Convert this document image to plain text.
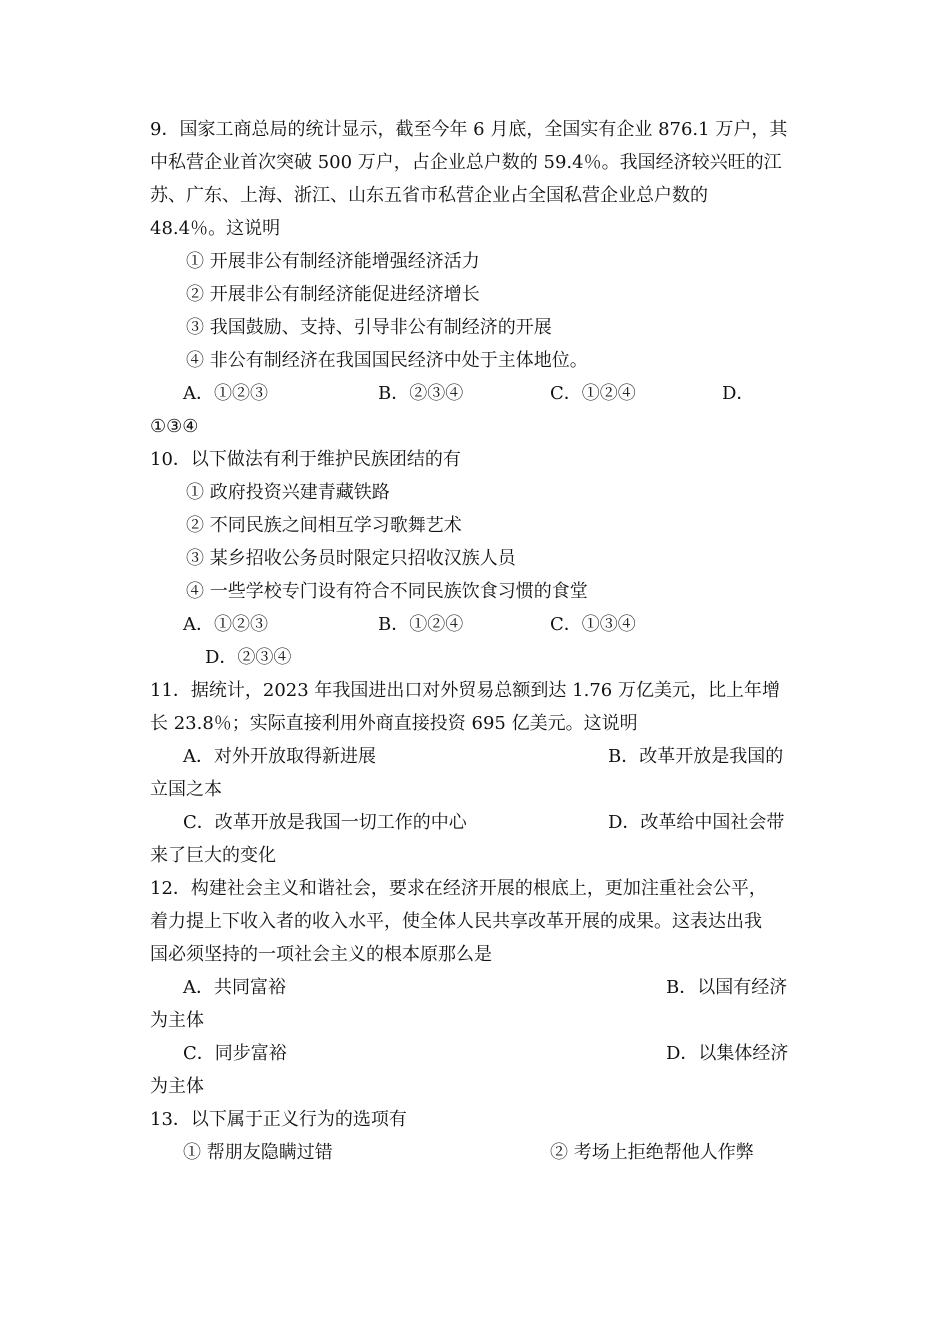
9．国家工商总局的统计显示，截至今年 6 月底，全国实有企业 876.1 万户，其
中私营企业首次突破 500 万户，占企业总户数的 59.4％。我国经济较兴旺的江
苏、广东、上海、浙江、山东五省市私营企业占全国私营企业总户数的
48.4％。这说明
① 开展非公有制经济能增强经济活力
② 开展非公有制经济能促进经济增长
③ 我国鼓励、支持、引导非公有制经济的开展
④ 非公有制经济在我国国民经济中处于主体地位。
A．①②③	B．②③④	C．①②④	D．
①③④
10．以下做法有利于维护民族团结的有
① 政府投资兴建青藏铁路
② 不同民族之间相互学习歌舞艺术
③ 某乡招收公务员时限定只招收汉族人员
④ 一些学校专门设有符合不同民族饮食习惯的食堂
A．①②③	B．①②④	C．①③④
D．②③④
11．据统计，2023 年我国进出口对外贸易总额到达 1.76 万亿美元，比上年增
长 23.8％；实际直接利用外商直接投资 695 亿美元。这说明
A．对外开放取得新进展	B．改革开放是我国的
立国之本
C．改革开放是我国一切工作的中心	D．改革给中国社会带
来了巨大的变化
12．构建社会主义和谐社会，要求在经济开展的根底上，更加注重社会公平，
着力提上下收入者的收入水平，使全体人民共享改革开展的成果。这表达出我
国必须坚持的一项社会主义的根本原那么是
A．共同富裕	B．以国有经济
为主体
C．同步富裕	D．以集体经济
为主体
13．以下属于正义行为的选项有
① 帮朋友隐瞒过错	② 考场上拒绝帮他人作弊
